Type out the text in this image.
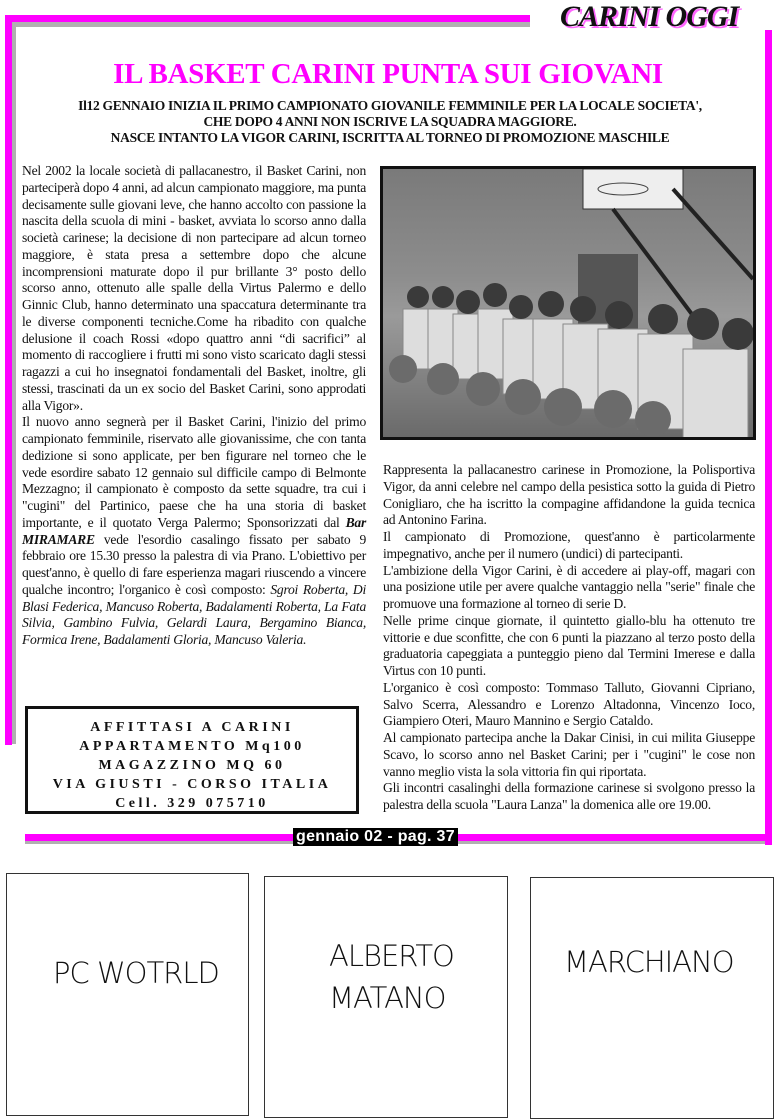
CARINI OGGI
IL BASKET CARINI PUNTA SUI GIOVANI
Il12 GENNAIO INIZIA IL PRIMO CAMPIONATO GIOVANILE FEMMINILE PER LA LOCALE SOCIETA',
CHE DOPO 4 ANNI NON ISCRIVE LA SQUADRA MAGGIORE.
NASCE INTANTO LA VIGOR CARINI, ISCRITTA AL TORNEO DI PROMOZIONE MASCHILE

Nel 2002 la locale società di pallacanestro, il Basket Carini, non parteciperà dopo 4 anni, ad alcun campionato maggiore, ma punta decisamente sulle giovani leve, che hanno accolto con passione la nascita della scuola di mini - basket, avviata lo scorso anno dalla società carinese; la decisione di non partecipare ad alcun torneo maggiore, è stata presa a settembre dopo che alcune incomprensioni maturate dopo il pur brillante 3° posto dello scorso anno, ottenuto alle spalle della Virtus Palermo e dello Ginnic Club, hanno determinato una spaccatura determinante tra le diverse componenti tecniche.Come ha ribadito con qualche delusione il coach Rossi «dopo quattro anni “di sacrifici” al momento di raccogliere i frutti mi sono visto scaricato dagli stessi ragazzi a cui ho insegnatoi fondamentali del Basket, inoltre, gli stessi, trascinati da un ex socio del Basket Carini, sono approdati alla Vigor».

Il nuovo anno segnerà per il Basket Carini, l'inizio del primo campionato femminile, riservato alle giovanissime, che con tanta dedizione si sono applicate, per ben figurare nel torneo che le vede esordire sabato 12 gennaio sul difficile campo di Belmonte Mezzagno; il campionato è composto da sette squadre, tra cui i "cugini" del Partinico, paese che ha una storia di basket importante, e il quotato Verga Palermo; Sponsorizzati dal Bar MIRAMARE vede l'esordio casalingo fissato per sabato 9 febbraio ore 15.30 presso la palestra di via Prano. L'obiettivo per quest'anno, è quello di fare esperienza magari riuscendo a vincere qualche incontro; l'organico è così composto: Sgroi Roberta, Di Blasi Federica, Mancuso Roberta, Badalamenti Roberta, La Fata Silvia, Gambino Fulvia, Gelardi Laura, Bergamino Bianca, Formica Irene, Badalamenti Gloria, Mancuso Valeria.

Rappresenta la pallacanestro carinese in Promozione, la Polisportiva Vigor, da anni celebre nel campo della pesistica sotto la guida di Pietro Conigliaro, che ha iscritto la compagine affidandone la guida tecnica ad Antonino Farina.

Il campionato di Promozione, quest'anno è particolarmente impegnativo, anche per il numero (undici) di partecipanti.

L'ambizione della Vigor Carini, è di accedere ai play-off, magari con una posizione utile per avere qualche vantaggio nella "serie" finale che promuove una formazione al torneo di serie D.

Nelle prime cinque giornate, il quintetto giallo-blu ha ottenuto tre vittorie e due sconfitte, che con 6 punti la piazzano al terzo posto della graduatoria capeggiata a punteggio pieno dal Termini Imerese e dalla Virtus con 10 punti.

L'organico è così composto: Tommaso Talluto, Giovanni Cipriano, Salvo Scerra, Alessandro e Lorenzo Altadonna, Vincenzo Ioco, Giampiero Oteri, Mauro Mannino e Sergio Cataldo.

Al campionato partecipa anche la Dakar Cinisi, in cui milita Giuseppe Scavo, lo scorso anno nel Basket Carini; per i "cugini" le cose non vanno meglio vista la sola vittoria fin qui riportata.

Gli incontri casalinghi della formazione carinese si svolgono presso la palestra della scuola "Laura Lanza" la domenica alle ore 19.00.

AFFITTASI A CARINI
APPARTAMENTO Mq100
MAGAZZINO MQ 60
VIA GIUSTI - CORSO ITALIA
Cell. 329 075710
gennaio 02 - pag. 37
PC WOTRLD	ALBERTO
MATANO
MARCHIANO
